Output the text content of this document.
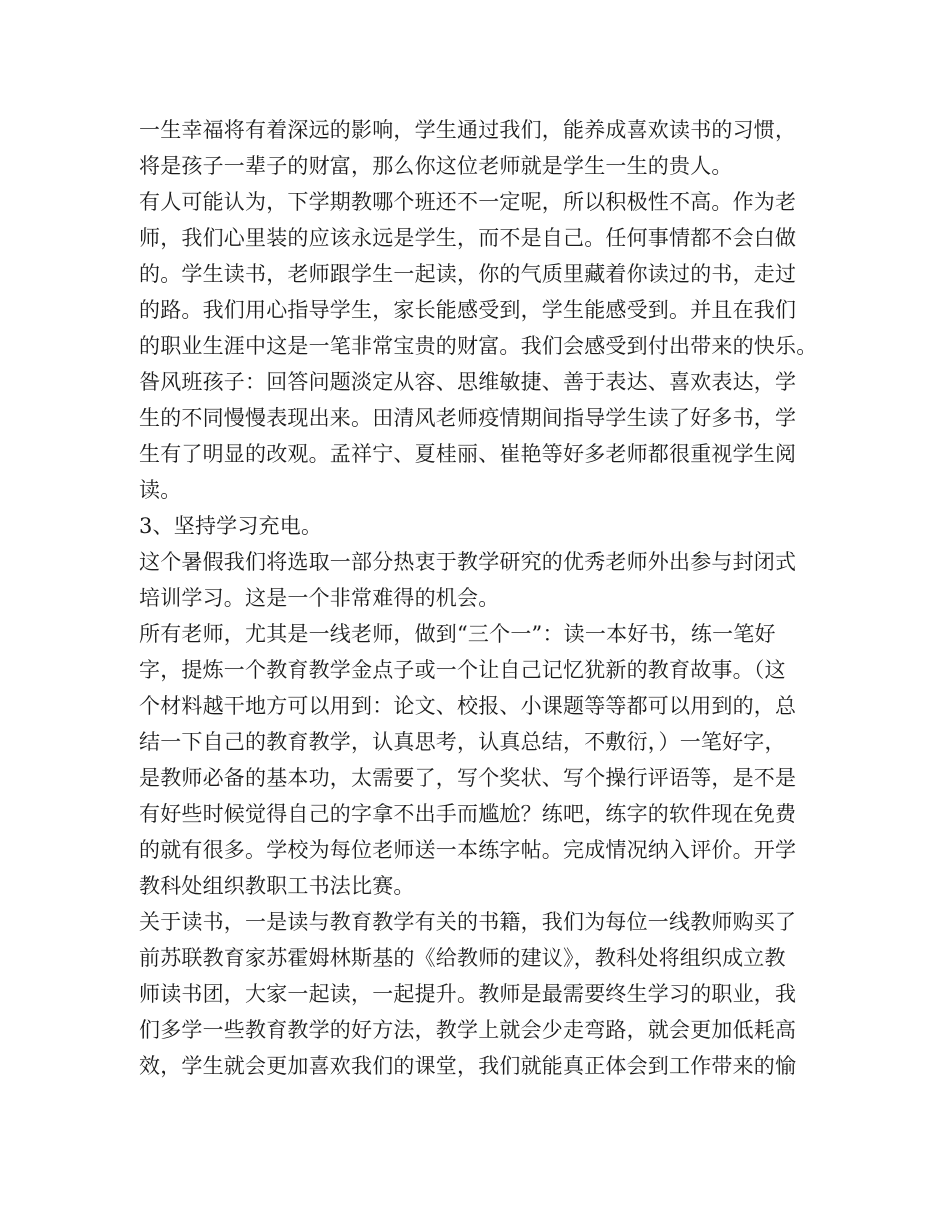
一生幸福将有着深远的影响，学生通过我们，能养成喜欢读书的习惯，
将是孩子一辈子的财富，那么你这位老师就是学生一生的贵人。
有人可能认为，下学期教哪个班还不一定呢，所以积极性不高。作为老
师，我们心里装的应该永远是学生，而不是自己。任何事情都不会白做
的。学生读书，老师跟学生一起读，你的气质里藏着你读过的书，走过
的路。我们用心指导学生，家长能感受到，学生能感受到。并且在我们
的职业生涯中这是一笔非常宝贵的财富。我们会感受到付出带来的快乐。
昝风班孩子：回答问题淡定从容、思维敏捷、善于表达、喜欢表达，学
生的不同慢慢表现出来。田清风老师疫情期间指导学生读了好多书，学
生有了明显的改观。孟祥宁、夏桂丽、崔艳等好多老师都很重视学生阅
读。
3、坚持学习充电。
这个暑假我们将选取一部分热衷于教学研究的优秀老师外出参与封闭式
培训学习。这是一个非常难得的机会。
所有老师，尤其是一线老师，做到“三个一”：读一本好书，练一笔好
字，提炼一个教育教学金点子或一个让自己记忆犹新的教育故事。（这
个材料越干地方可以用到：论文、校报、小课题等等都可以用到的，总
结一下自己的教育教学，认真思考，认真总结，不敷衍，）一笔好字，
是教师必备的基本功，太需要了，写个奖状、写个操行评语等，是不是
有好些时候觉得自己的字拿不出手而尴尬？练吧，练字的软件现在免费
的就有很多。学校为每位老师送一本练字帖。完成情况纳入评价。开学
教科处组织教职工书法比赛。
关于读书，一是读与教育教学有关的书籍，我们为每位一线教师购买了
前苏联教育家苏霍姆林斯基的《给教师的建议》，教科处将组织成立教
师读书团，大家一起读，一起提升。教师是最需要终生学习的职业，我
们多学一些教育教学的好方法，教学上就会少走弯路，就会更加低耗高
效，学生就会更加喜欢我们的课堂，我们就能真正体会到工作带来的愉
